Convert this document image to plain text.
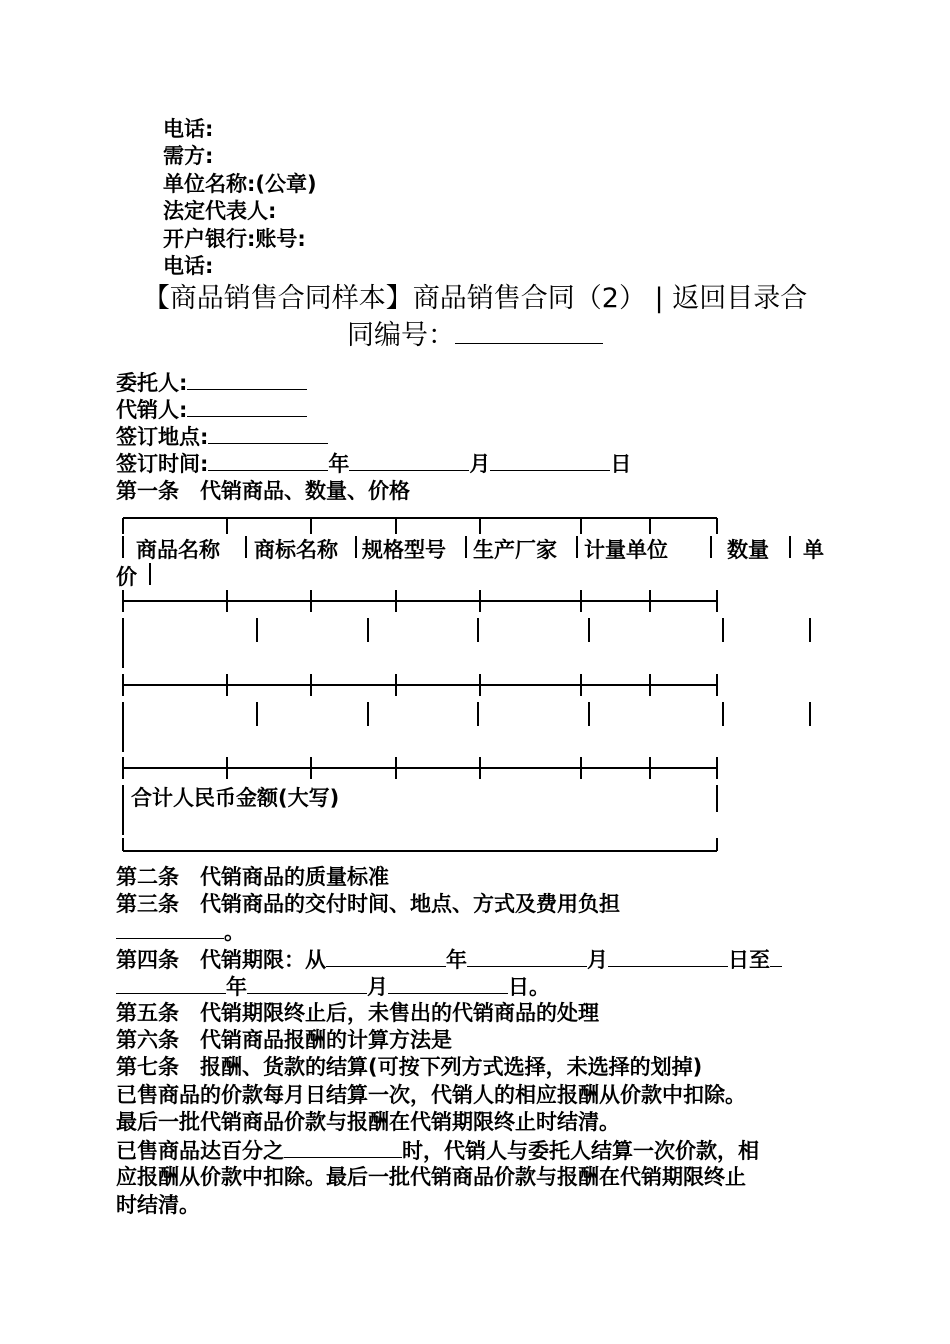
电话:
需方:
单位名称:(公章)
法定代表人:
开户银行:账号:
电话:
【商品销售合同样本】商品销售合同（2） | 返回目录合
同编号：
委托人:
代销人:
签订地点:
签订时间:	年	月	日
第一条　代销商品、数量、价格
商品名称 商标名称 规格型号 生产厂家 计量单位	数量 单
价
合计人民币金额(大写)
第二条　代销商品的质量标准
第三条　代销商品的交付时间、地点、方式及费用负担
。
第四条　代销期限：从	年	月	日至
年	月	日。
第五条　代销期限终止后，未售出的代销商品的处理
第六条　代销商品报酬的计算方法是
第七条　报酬、货款的结算(可按下列方式选择，未选择的划掉)
已售商品的价款每月日结算一次，代销人的相应报酬从价款中扣除。
最后一批代销商品价款与报酬在代销期限终止时结清。
已售商品达百分之	时，代销人与委托人结算一次价款，相
应报酬从价款中扣除。最后一批代销商品价款与报酬在代销期限终止
时结清。
